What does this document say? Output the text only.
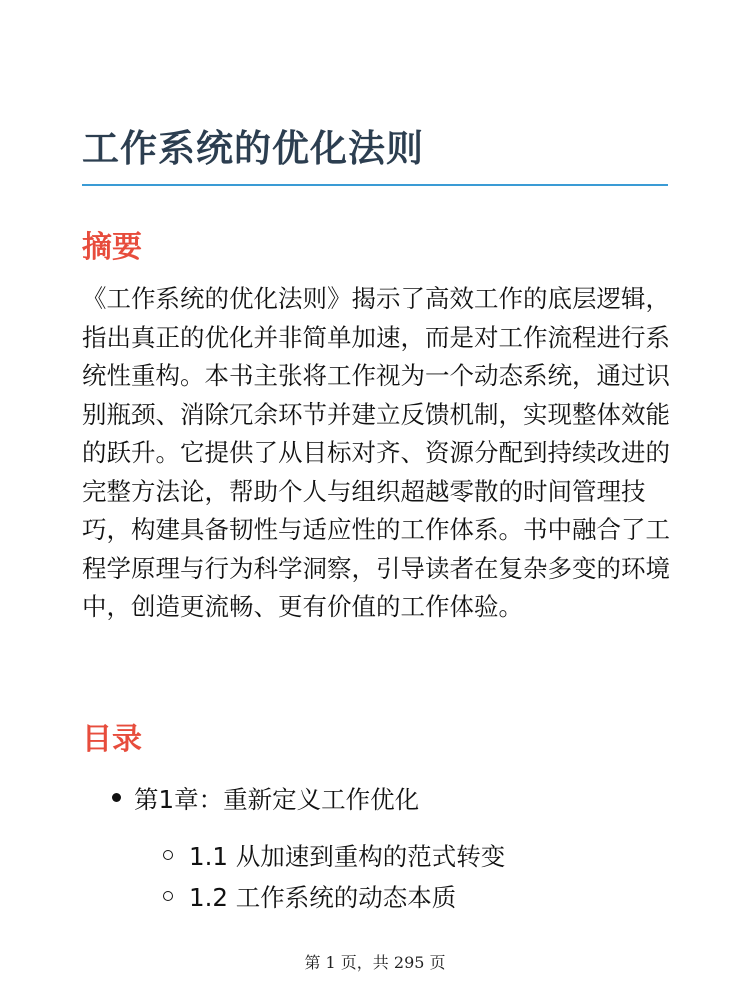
工作系统的优化法则
摘要

《工作系统的优化法则》揭示了高效工作的底层逻辑，指出真正的优化并非简单加速，而是对工作流程进行系统性重构。本书主张将工作视为一个动态系统，通过识别瓶颈、消除冗余环节并建立反馈机制，实现整体效能的跃升。它提供了从目标对齐、资源分配到持续改进的完整方法论，帮助个人与组织超越零散的时间管理技巧，构建具备韧性与适应性的工作体系。书中融合了工程学原理与行为科学洞察，引导读者在复杂多变的环境中，创造更流畅、更有价值的工作体验。

目录
第1章：重新定义工作优化
1.1 从加速到重构的范式转变
1.2 工作系统的动态本质
第 1 页，共 295 页
